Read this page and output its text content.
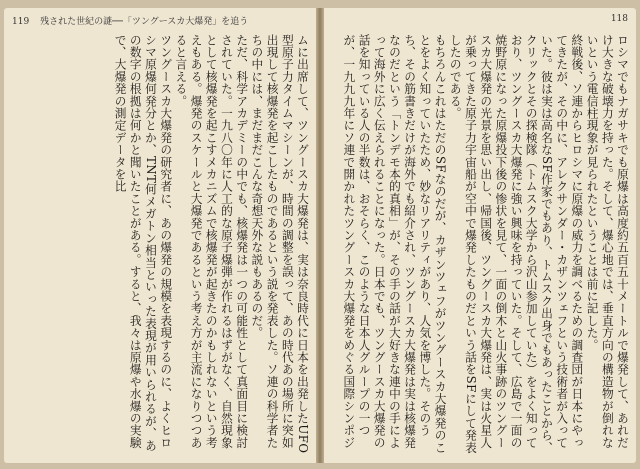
119 残された世紀の謎──「ツングースカ大爆発」を追う

ムに出席して、ツングースカ大爆発は、実は奈良時代に日本を出発したUFO型原子力タイムマシーンが、時間の調整を誤って、あの時代あの場所に突如出現して核爆発を起こしたものであるという説を発表した。ソ連の科学者たちの中には、まだまだこんな奇想天外な説もあるのだ。

ただ、科学アカデミーの中でも、核爆発は一つの可能性として真面目に検討されていた。一九八〇年に人工的な原子爆弾が作れるはずがなく、自然現象として核爆発を起こすメカニズムで核爆発が起きたのかもしれないという考えもある。爆発のスケールと大爆発であるという考え方が主流になりつつあると言える。

ツングースカ大爆発の研究者に、あの爆発の規模を表現するのに、よくヒロシマ原爆何発分とか、TNT何メガトン相当といった表現が用いられるが、あの数字の根拠は何かと聞いたことがある。すると、我々は原爆や水爆の実験で、大爆発の測定データを比

118

ロシマでもナガサキでも原爆は高度約五百五十メートルで爆発して、あれだけ大きな破壊力を持った。そして、爆心地では、垂直方向の構造物が倒れないという電信柱現象が見られたということは前に記した。

終戦後、ソ連からヒロシマに原爆の威力を調べるための調査団が日本にやってきたが、その中に、アレクサンダー・カザンツェフという技術者が入っていた。彼は実は高名なSF作家でもあり、トムスク出身でもあったことから、クリックとその探検隊（トムスク大学から沢山参加していた）をよく知っており、ツングースカ大爆発に強い興味を持っていた。そして、広島で一面の焼野原になった原爆投下後の惨状を見て、一面の倒木と山火事跡のツングースカ大爆発の光景を思い出し、帰国後、ツングースカ大爆発は、実は火星人が乗ってきた原子力宇宙船が空中で爆発したものだという話をSFにして発表したのである。

もちろんこれはただのSFなのだが、カザンツェフがツングースカ大爆発のことをよく知っていたため、妙なリアリティがあり、人気を博した。そのうち、その筋書きだけが海外でも紹介され、ツングースカ大爆発は実は核爆発なのだという「トンデモ本的真相」が、その手の話が大好きな連中の手によって海外に広く伝えられることになった。日本でも、ツングースカ大爆発の話を知っている人の半数は、おそらく、このような日本人グループの一つが、一九九九年にソ連で開かれたツングースカ大爆発をめぐる国際シンポジ
